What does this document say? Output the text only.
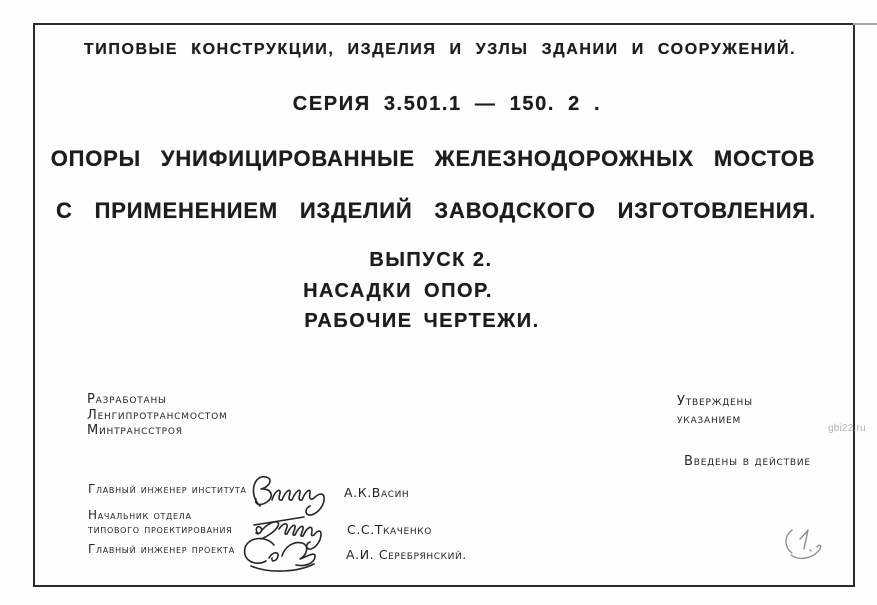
ТИПОВЫЕ КОНСТРУКЦИИ, ИЗДЕЛИЯ И УЗЛЫ ЗДАНИИ И СООРУЖЕНИЙ.
СЕРИЯ 3.501.1 — 150. 2 .
ОПОРЫ УНИФИЦИРОВАННЫЕ ЖЕЛЕЗНОДОРОЖНЫХ МОСТОВ
С ПРИМЕНЕНИЕМ ИЗДЕЛИЙ ЗАВОДСКОГО ИЗГОТОВЛЕНИЯ.
ВЫПУСК 2.
НАСАДКИ ОПОР.
РАБОЧИЕ ЧЕРТЕЖИ.
Разработаны
Ленгипротрансмостом
Минтрансстроя
Утверждены
указанием
Введены в действие
Главный инженер института
Начальник отдела
типового проектирования
Главный инженер проекта
А.К.Васин
С.С.Ткаченко
А.И. Серебрянский.
gbi22.ru
